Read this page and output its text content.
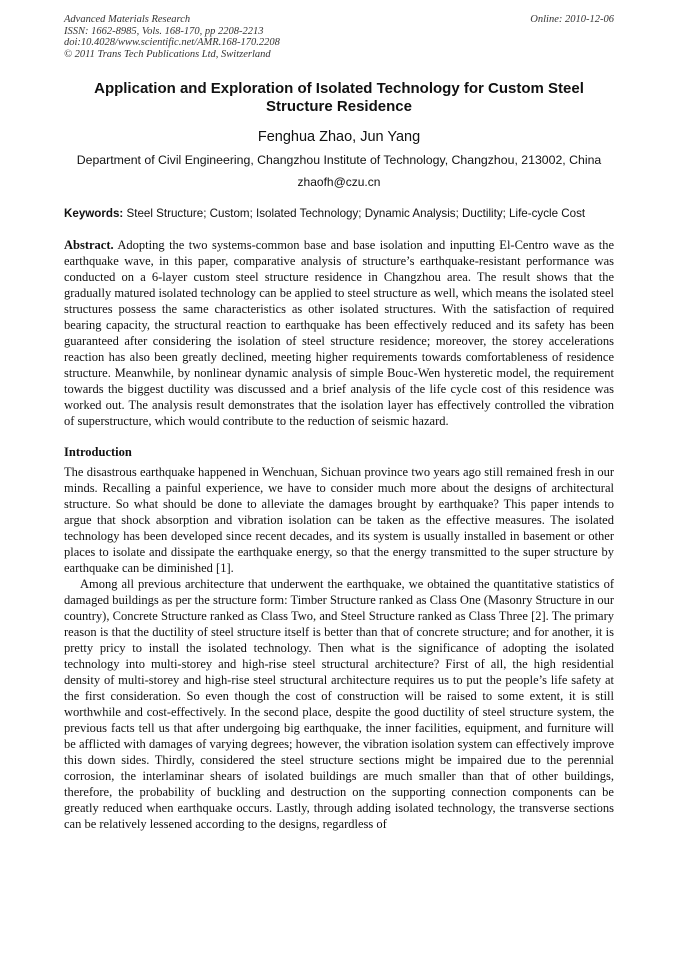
Advanced Materials Research
ISSN: 1662-8985, Vols. 168-170, pp 2208-2213
doi:10.4028/www.scientific.net/AMR.168-170.2208
© 2011 Trans Tech Publications Ltd, Switzerland
Online: 2010-12-06
Application and Exploration of Isolated Technology for Custom Steel Structure Residence
Fenghua Zhao, Jun Yang
Department of Civil Engineering, Changzhou Institute of Technology, Changzhou, 213002, China
zhaofh@czu.cn
Keywords: Steel Structure; Custom; Isolated Technology; Dynamic Analysis; Ductility; Life-cycle Cost
Abstract. Adopting the two systems-common base and base isolation and inputting El-Centro wave as the earthquake wave, in this paper, comparative analysis of structure’s earthquake-resistant performance was conducted on a 6-layer custom steel structure residence in Changzhou area. The result shows that the gradually matured isolated technology can be applied to steel structure as well, which means the isolated steel structures possess the same characteristics as other isolated structures. With the satisfaction of required bearing capacity, the structural reaction to earthquake has been effectively reduced and its safety has been guaranteed after considering the isolation of steel structure residence; moreover, the storey accelerations reaction has also been greatly declined, meeting higher requirements towards comfortableness of residence structure. Meanwhile, by nonlinear dynamic analysis of simple Bouc-Wen hysteretic model, the requirement towards the biggest ductility was discussed and a brief analysis of the life cycle cost of this residence was worked out. The analysis result demonstrates that the isolation layer has effectively controlled the vibration of superstructure, which would contribute to the reduction of seismic hazard.
Introduction
The disastrous earthquake happened in Wenchuan, Sichuan province two years ago still remained fresh in our minds. Recalling a painful experience, we have to consider much more about the designs of architectural structure. So what should be done to alleviate the damages brought by earthquake? This paper intends to argue that shock absorption and vibration isolation can be taken as the effective measures. The isolated technology has been developed since recent decades, and its system is usually installed in basement or other places to isolate and dissipate the earthquake energy, so that the energy transmitted to the super structure by earthquake can be diminished [1].
Among all previous architecture that underwent the earthquake, we obtained the quantitative statistics of damaged buildings as per the structure form: Timber Structure ranked as Class One (Masonry Structure in our country), Concrete Structure ranked as Class Two, and Steel Structure ranked as Class Three [2]. The primary reason is that the ductility of steel structure itself is better than that of concrete structure; and for another, it is pretty pricy to install the isolated technology. Then what is the significance of adopting the isolated technology into multi-storey and high-rise steel structural architecture? First of all, the high residential density of multi-storey and high-rise steel structural architecture requires us to put the people’s life safety at the first consideration. So even though the cost of construction will be raised to some extent, it is still worthwhile and cost-effectively. In the second place, despite the good ductility of steel structure system, the previous facts tell us that after undergoing big earthquake, the inner facilities, equipment, and furniture will be afflicted with damages of varying degrees; however, the vibration isolation system can effectively improve this down sides. Thirdly, considered the steel structure sections might be impaired due to the perennial corrosion, the interlaminar shears of isolated buildings are much smaller than that of other buildings, therefore, the probability of buckling and destruction on the supporting connection components can be greatly reduced when earthquake occurs. Lastly, through adding isolated technology, the transverse sections can be relatively lessened according to the designs, regardless of
